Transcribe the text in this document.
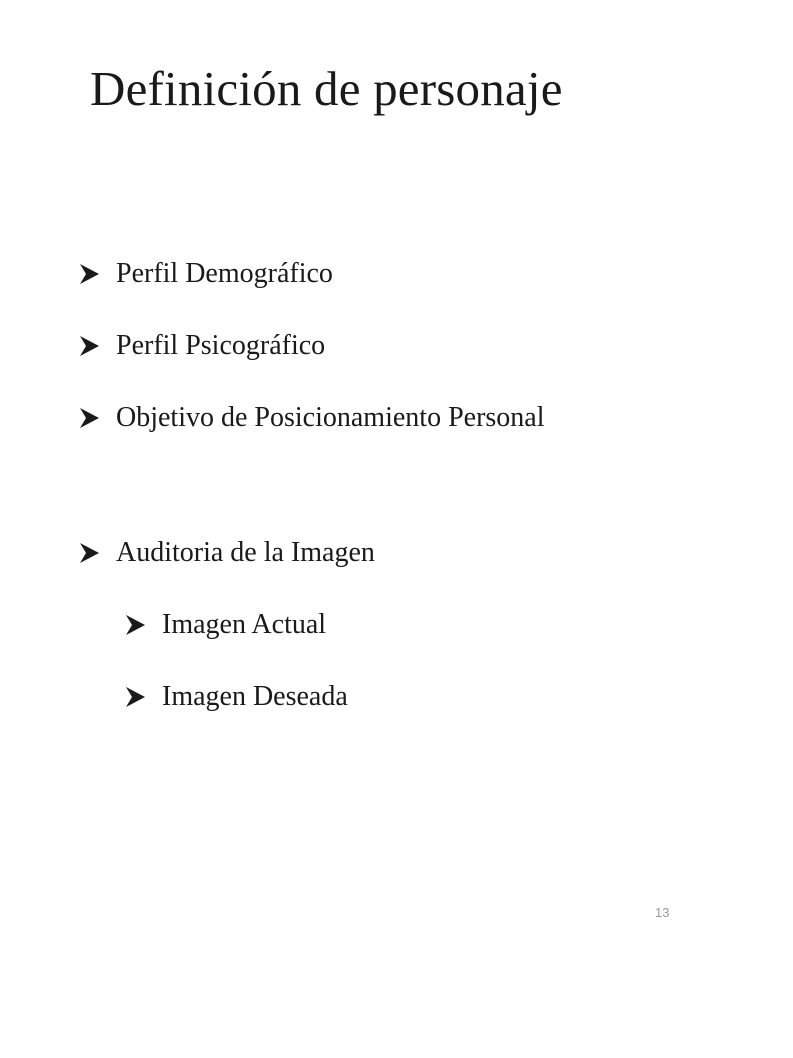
Definición de personaje
Perfil Demográfico
Perfil Psicográfico
Objetivo de Posicionamiento Personal
Auditoria de la Imagen
Imagen Actual
Imagen Deseada
13
